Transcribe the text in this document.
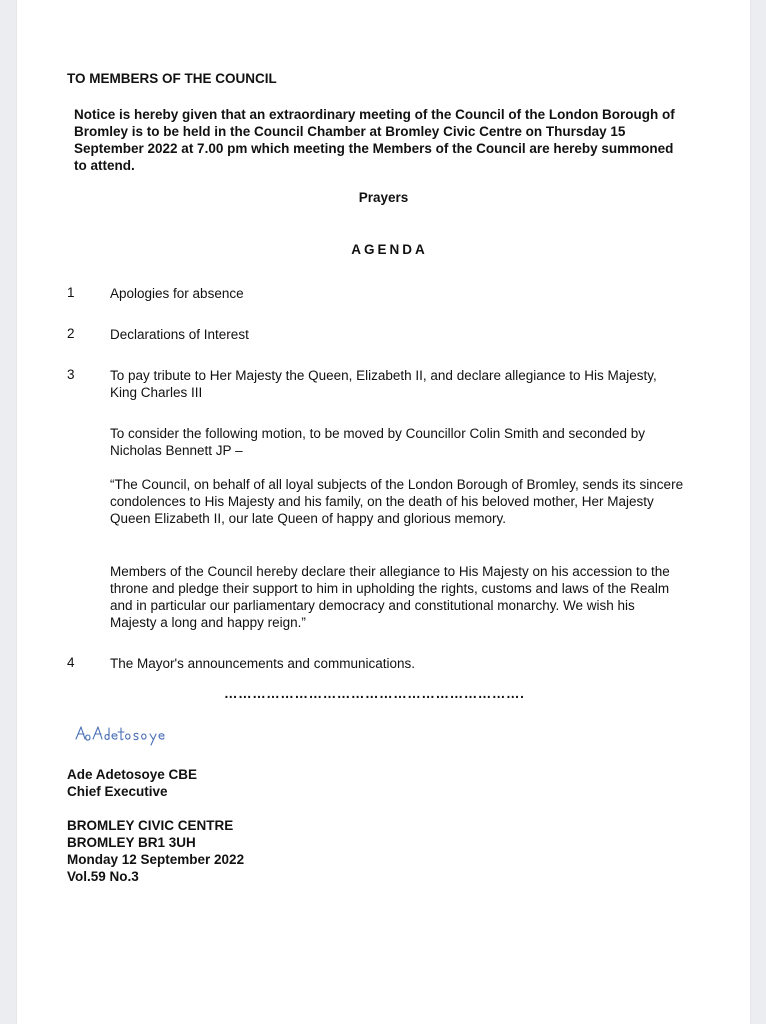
TO MEMBERS OF THE COUNCIL
Notice is hereby given that an extraordinary meeting of the Council of the London Borough of Bromley is to be held in the Council Chamber at Bromley Civic Centre on Thursday 15 September 2022 at 7.00 pm which meeting the Members of the Council are hereby summoned to attend.
Prayers
AGENDA
1	Apologies for absence
2	Declarations of Interest
3	To pay tribute to Her Majesty the Queen, Elizabeth II, and declare allegiance to His Majesty, King Charles III
To consider the following motion, to be moved by Councillor Colin Smith and seconded by Nicholas Bennett JP –
“The Council, on behalf of all loyal subjects of the London Borough of Bromley, sends its sincere condolences to His Majesty and his family, on the death of his beloved mother, Her Majesty Queen Elizabeth II, our late Queen of happy and glorious memory.
Members of the Council hereby declare their allegiance to His Majesty on his accession to the throne and pledge their support to him in upholding the rights, customs and laws of the Realm and in particular our parliamentary democracy and constitutional monarchy. We wish his Majesty a long and happy reign.”
4	The Mayor's announcements and communications.
……………………………………………………….
Ade Adetosoye CBE
Chief Executive
BROMLEY CIVIC CENTRE
BROMLEY BR1 3UH
Monday 12 September 2022
Vol.59 No.3
